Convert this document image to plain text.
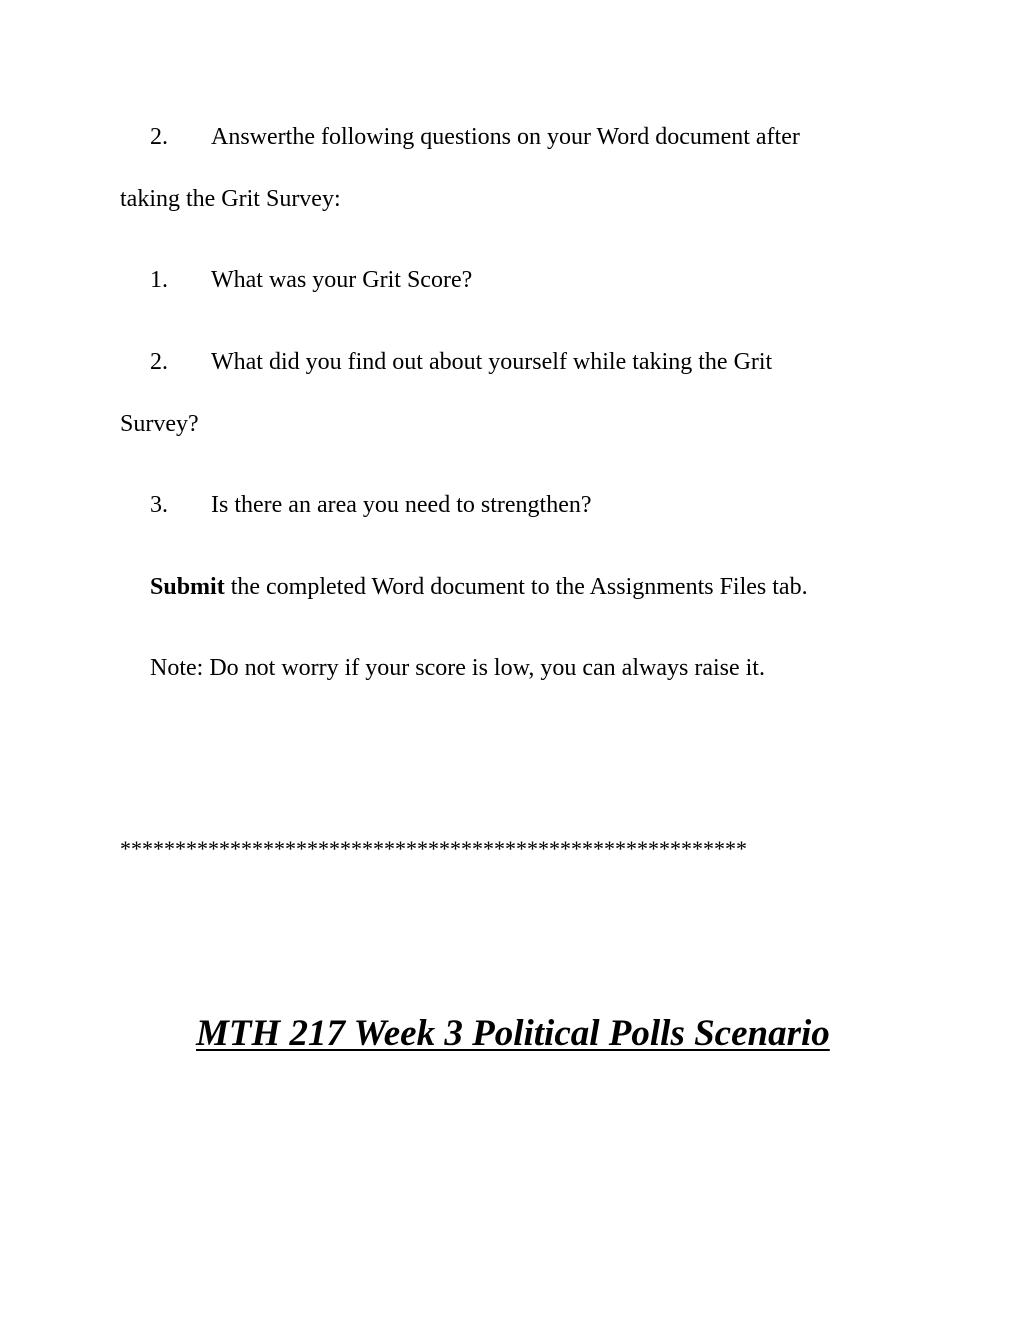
2. Answerthe following questions on your Word document after
taking the Grit Survey:
1. What was your Grit Score?
2. What did you find out about yourself while taking the Grit
Survey?
3. Is there an area you need to strengthen?
Submit the completed Word document to the Assignments Files tab.
Note: Do not worry if your score is low, you can always raise it.
*********************************************************
MTH 217 Week 3 Political Polls Scenario
